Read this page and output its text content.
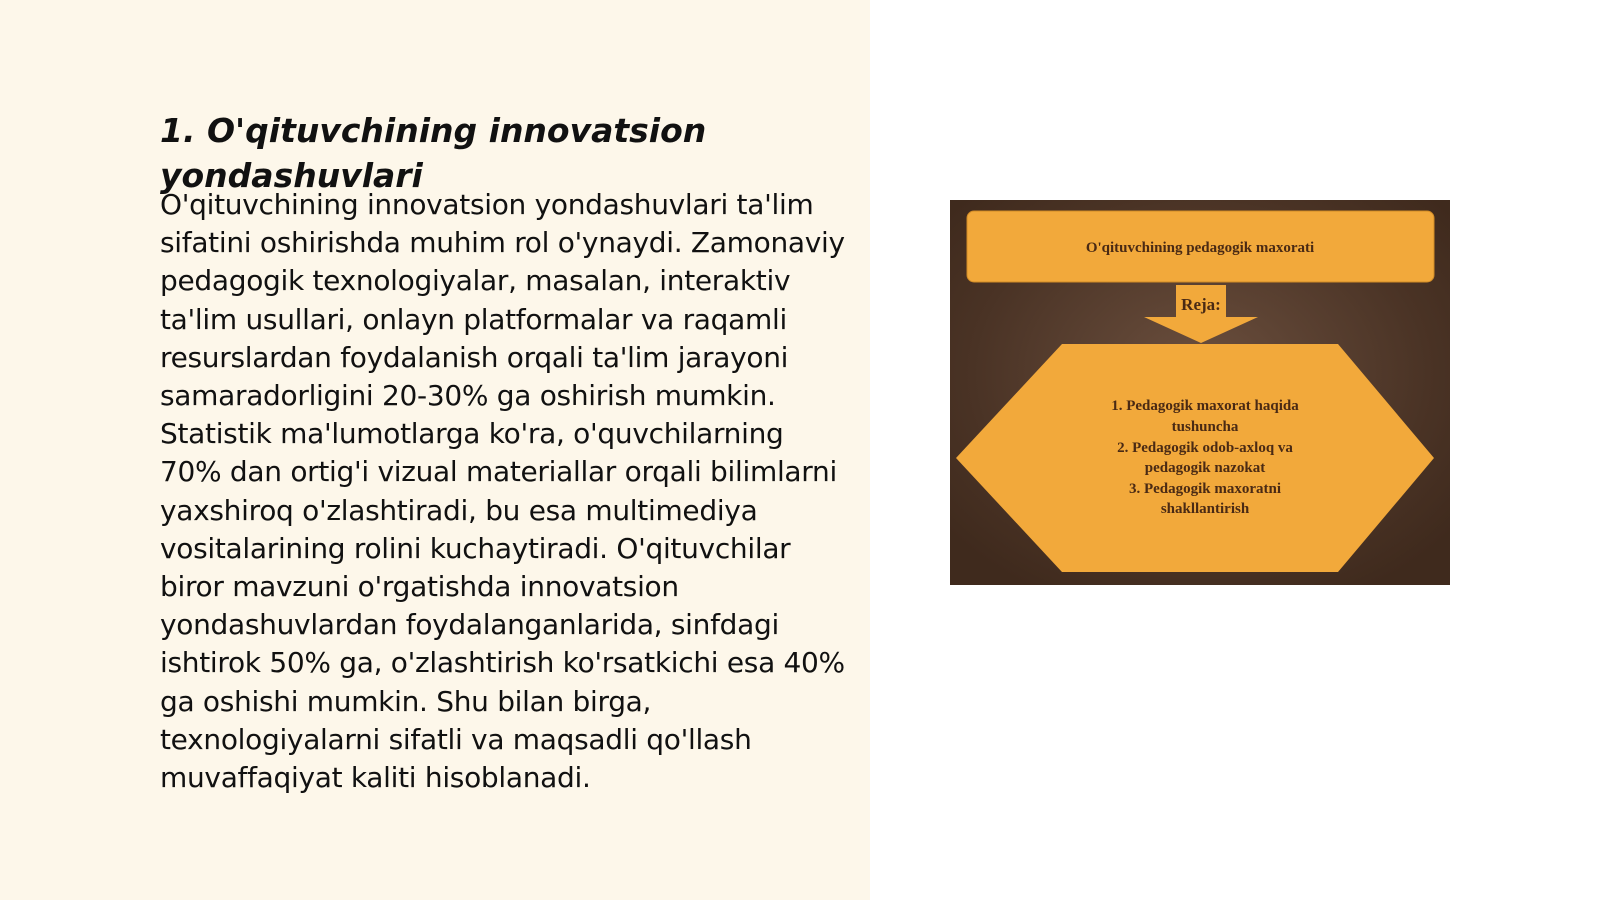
1. O'qituvchining innovatsion yondashuvlari

O'qituvchining innovatsion yondashuvlari ta'lim sifatini oshirishda muhim rol o'ynaydi. Zamonaviy pedagogik texnologiyalar, masalan, interaktiv ta'lim usullari, onlayn platformalar va raqamli resurslardan foydalanish orqali ta'lim jarayoni samaradorligini 20-30% ga oshirish mumkin. Statistik ma'lumotlarga ko'ra, o'quvchilarning 70% dan ortig'i vizual materiallar orqali bilimlarni yaxshiroq o'zlashtiradi, bu esa multimediya vositalarining rolini kuchaytiradi. O'qituvchilar biror mavzuni o'rgatishda innovatsion yondashuvlardan foydalanganlarida, sinfdagi ishtirok 50% ga, o'zlashtirish ko'rsatkichi esa 40% ga oshishi mumkin. Shu bilan birga, texnologiyalarni sifatli va maqsadli qo'llash muvaffaqiyat kaliti hisoblanadi.

O'qituvchining pedagogik maxorati
Reja:
1. Pedagogik maxorat haqida
tushuncha
2. Pedagogik odob-axloq va
pedagogik nazokat
3. Pedagogik maxoratni
shakllantirish
